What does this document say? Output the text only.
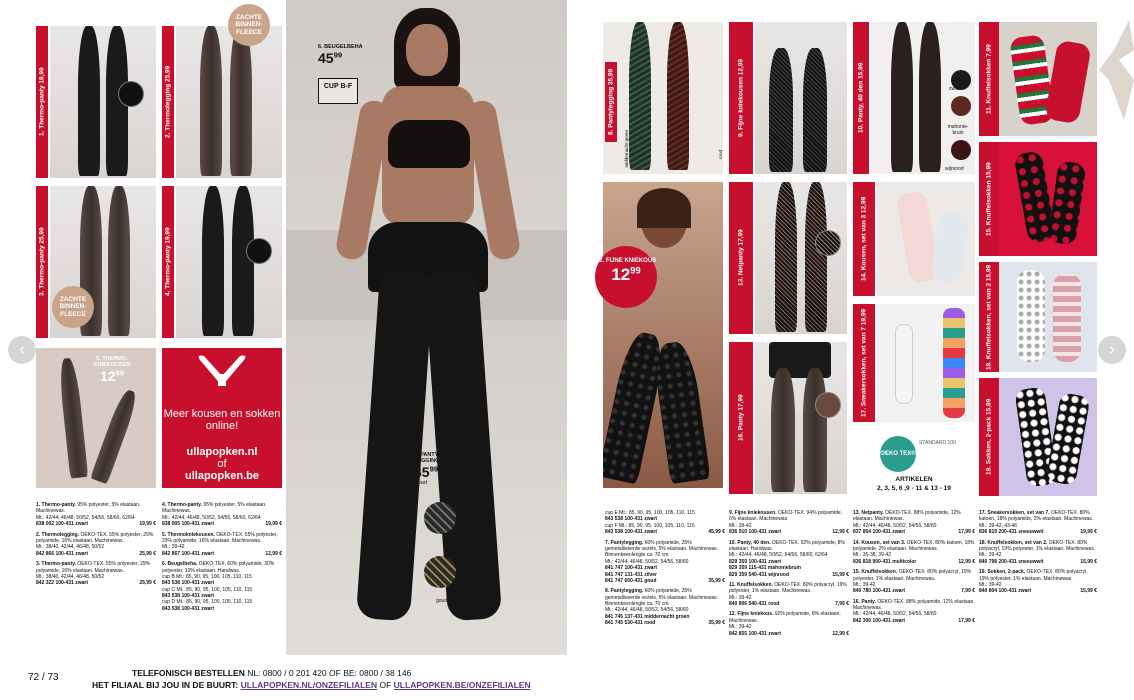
1. Thermo-panty 18,99	2. Thermolegging 25,99
ZACHTE BINNEN-FLEECE
3. Thermo-panty 25,99
ZACHTE BINNEN-FLEECE
4. Thermo-panty 19,99
5. THERMO-KNIEKOUSEN
$12^{99}$
Meer kousen en sokken online!
ullapopken.nl
of
ullapopken.be
6. BEUGELBEHA
$45^{99}$
CUP B-F
7. PANTY-LEGGING
$35^{99}$
zwart
zilver
goud
1. Thermo-panty. 95% polyester, 5% elastaan. Machinewas.
Mt.: 42/44, 46/48, 50/52, 54/56, 58/60, 62/64
838 002 100-431 zwart	19,99 €
2. Thermolegging. OEKO-TEX. 55% polyester, 29% polyamide, 16% elastaan. Machinewas.
Mt.: 38/40, 42/44, 46/48, 50/52
842 866 100-431 zwart	25,99 €
3. Thermo-panty. OEKO-TEX. 55% polyester, 29% polyamide, 16% elastaan. Machinewas.
Mt.: 38/40, 42/44, 46/48, 50/52
842 322 100-431 zwart	25,99 €
4. Thermo-panty. 95% polyester, 5% elastaan. Machinewas.
Mt.: 42/44, 46/48, 50/52, 54/56, 58/60, 62/64
838 005 100-431 zwart	19,99 €
5. Thermokniekousen. OEKO-TEX. 55% polyester, 29% polyamide, 16% elastaan. Machinewas.
Mt.: 39-42
842 867 100-431 zwart	12,99 €
6. Beugelbeha. OEKO-TEX. 60% polyamide, 30% polyester, 10% elastaan. Handwas.
cup B Mt.: 85, 90, 95, 100, 105, 110, 115
843 538 100-431 zwart
cup C Mt.: 85, 90, 95, 100, 105, 110, 115
843 538 100-431 zwart
cup D Mt.: 85, 90, 95, 100, 105, 110, 115
843 538 100-431 zwart
8. Pantylegging 35,99
middernacht groen	rood
9. Fijne kniekousen 12,99	10. Panty, 40 den 15,99	zwart
mahonie-bruin
wijnrood
11. Knuffelsokken 7,99
12. FIJNE KNIEKOUS
$12^{99}$	13. Netpanty 17,99
16. Panty 17,99
14. Kousen, set van 3 12,99
17. Sneakersokken, set van 7 19,99
OEKO TEX®
STANDARD 100
ARTIKELEN
2, 3, 5, 6 ,9 - 11 & 13 - 19
15. Knuffelsokken 15,99
18. Knuffelsokken, set van 2 15,99
19. Sokken, 2-pack 15,99
cup E Mt.: 85, 90, 95, 100, 105, 110, 115
843 538 100-431 zwart
cup F Mt.: 85, 90, 95, 100, 105, 110, 115
843 538 100-431 zwart	45,99 €
7. Pantylegging. 60% polyamide, 35% gemetalliseerde vezels, 5% elastaan. Machinewas. Binnenbeenlengte ca. 70 cm.
Mt.: 42/44, 46/48, 50/52, 54/56, 58/60
841 747 100-431 zwart
841 747 131-431 zilver
841 747 650-431 goud	35,99 €
8. Pantylegging. 60% polyamide, 35% gemetalliseerde vezels, 5% elastaan. Machinewas. Binnenbeenlengte ca. 70 cm.
Mt.: 42/44, 46/48, 50/52, 54/56, 58/60
841 745 137-431 middernacht groen
841 745 530-431 rood	35,99 €
9. Fijne kniekousen. OEKO-TEX. 94% polyamide, 6% elastaan. Machinewas.
Mt.: 39-42
836 910 100-431 zwart	12,99 €
10. Panty, 40 den. OEKO-TEX. 92% polyamide, 8% elastaan. Handwas.
Mt.: 42/44, 46/48, 50/52, 54/56, 58/60, 62/64
829 359 100-431 zwart
829 359 115-431 mahoniebruin
829 359 540-431 wijnrood	15,99 €
11. Knuffelsokken. OEKO-TEX. 80% polyacryl, 19% polyester, 1% elastaan. Machinewas.
Mt.: 39-42
840 806 540-431 rood	7,99 €
12. Fijne kniekous. 92% polyamide, 8% elastaan. Machinewas.
Mt.: 39-42
842 855 100-431 zwart	12,99 €
13. Netpanty. OEKO-TEX. 88% polyamide, 12% elastaan. Machinewas.
Mt.: 42/44, 46/48, 50/52, 54/56, 58/60
837 854 100-431 zwart	17,99 €
14. Kousen, set van 3. OEKO-TEX. 80% katoen, 18% polyamide, 2% elastaan. Machinewas.
Mt.: 35-38, 39-42
836 818 900-431 multicolor	12,99 €
15. Knuffelsokken. OEKO-TEX. 80% polyacryl, 19% polyester, 1% elastaan. Machinewas.
Mt.: 39-42
840 780 100-431 zwart	7,99 €
16. Panty. OEKO-TEX. 88% polyamide, 12% elastaan. Machinewas.
Mt.: 42/44, 46/48, 50/52, 54/56, 58/60
842 306 100-431 zwart	17,99 €
17. Sneakersokken, set van 7. OEKO-TEX. 80% katoen, 18% polyamide, 2% elastaan. Machinewas.
Mt.: 39-42, 43-46
836 819 200-431 sneeuwwit	19,99 €
18. Knuffelsokken, set van 2. OEKO-TEX. 80% polyacryl, 19% polyester, 1% elastaan. Machinewas.
Mt.: 39-42
840 798 200-431 sneeuwwit	15,99 €
19. Sokken, 2-pack. OEKO-TEX. 80% polyacryl, 19% polyester, 1% elastaan. Machinewas.
Mt.: 39-42
840 804 100-431 zwart	15,99 €
72 / 73	TELEFONISCH BESTELLEN NL: 0800 / 0 201 420 OF BE: 0800 / 38 146
HET FILIAAL BIJ JOU IN DE BUURT: ULLAPOPKEN.NL/ONZEFILIALEN OF ULLAPOPKEN.BE/ONZEFILIALEN
‹	›
